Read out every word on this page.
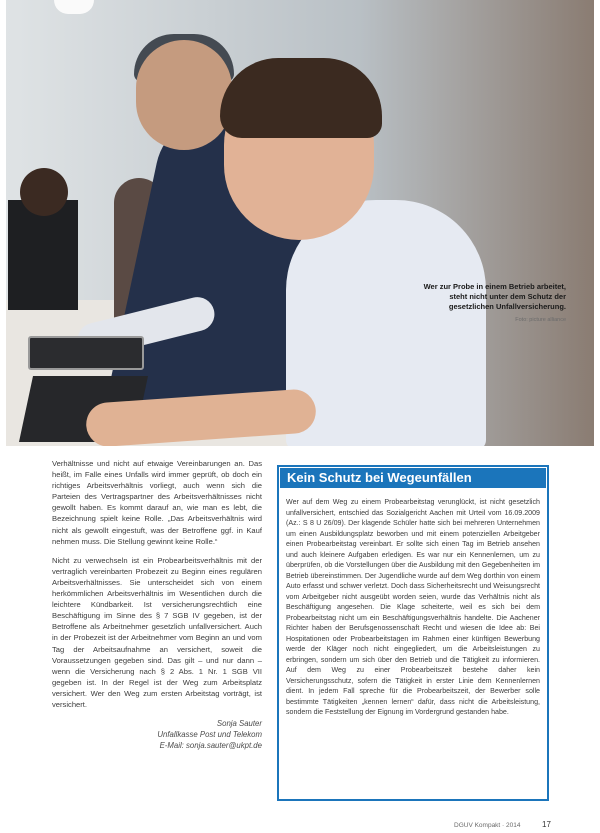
Wer zur Probe in einem Betrieb arbeitet, steht nicht unter dem Schutz der gesetzlichen Unfallversicherung.
Foto: picture alliance

Verhältnisse und nicht auf etwaige Vereinbarungen an. Das heißt, im Falle eines Unfalls wird immer geprüft, ob doch ein richtiges Arbeitsverhältnis vorliegt, auch wenn sich die Parteien des Vertragspartner des Arbeitsverhältnisses nicht gewollt haben. Es kommt darauf an, wie man es lebt, die Bezeichnung spielt keine Rolle. „Das Arbeitsverhältnis wird nicht als gewollt eingestuft, was der Betroffene ggf. in Kauf nehmen muss. Die Stellung gewinnt keine Rolle.“

Nicht zu verwechseln ist ein Probearbeitsverhältnis mit der vertraglich vereinbarten Probezeit zu Beginn eines regulären Arbeitsverhältnisses. Sie unterscheidet sich von einem herkömmlichen Arbeitsverhältnis im Wesentlichen durch die leichtere Kündbarkeit. Ist versicherungsrechtlich eine Beschäftigung im Sinne des § 7 SGB IV gegeben, ist der Betroffene als Arbeitnehmer gesetzlich unfallversichert. Auch in der Probezeit ist der Arbeitnehmer vom Beginn an und vom Tag der Arbeitsaufnahme an versichert, soweit die Voraussetzungen gegeben sind. Das gilt – und nur dann – wenn die Versicherung nach § 2 Abs. 1 Nr. 1 SGB VII gegeben ist. In der Regel ist der Weg zum Arbeitsplatz versichert. Wer den Weg zum ersten Arbeitstag vorträgt, ist versichert.

Sonja Sauter
Unfallkasse Post und Telekom
E-Mail: sonja.sauter@ukpt.de
Kein Schutz bei Wegeunfällen
Wer auf dem Weg zu einem Probearbeitstag verunglückt, ist nicht gesetzlich unfallversichert, entschied das Sozialgericht Aachen mit Urteil vom 16.09.2009 (Az.: S 8 U 26/09). Der klagende Schüler hatte sich bei mehreren Unternehmen um einen Ausbildungsplatz beworben und mit einem potenziellen Arbeitgeber einen Probearbeitstag vereinbart. Er sollte sich einen Tag im Betrieb ansehen und auch kleinere Aufgaben erledigen. Es war nur ein Kennenlernen, um zu überprüfen, ob die Vorstellungen über die Ausbildung mit den Gegebenheiten im Betrieb übereinstimmen. Der Jugendliche wurde auf dem Weg dorthin von einem Auto erfasst und schwer verletzt. Doch dass Sicherheitsrecht und Weisungsrecht vom Arbeitgeber nicht ausgeübt worden seien, wurde das Verhältnis nicht als Beschäftigung angesehen. Die Klage scheiterte, weil es sich bei dem Probearbeitstag nicht um ein Beschäftigungsverhältnis handelte. Die Aachener Richter haben der Berufsgenossenschaft Recht und wiesen die Idee ab: Bei Hospitationen oder Probearbeitstagen im Rahmen einer künftigen Bewerbung werde der Kläger noch nicht eingegliedert, um die Arbeitsleistungen zu erbringen, sondern um sich über den Betrieb und die Tätigkeit zu informieren. Auf dem Weg zu einer Probearbeitszeit bestehe daher kein Versicherungsschutz, sofern die Tätigkeit in erster Linie dem Kennenlernen dient. In jedem Fall spreche für die Probearbeitszeit, der Bewerber solle bestimmte Tätigkeiten „kennen lernen“ dafür, dass nicht die Arbeitsleistung, sondern die Feststellung der Eignung im Vordergrund gestanden habe.
DGUV Kompakt · 2014	17
